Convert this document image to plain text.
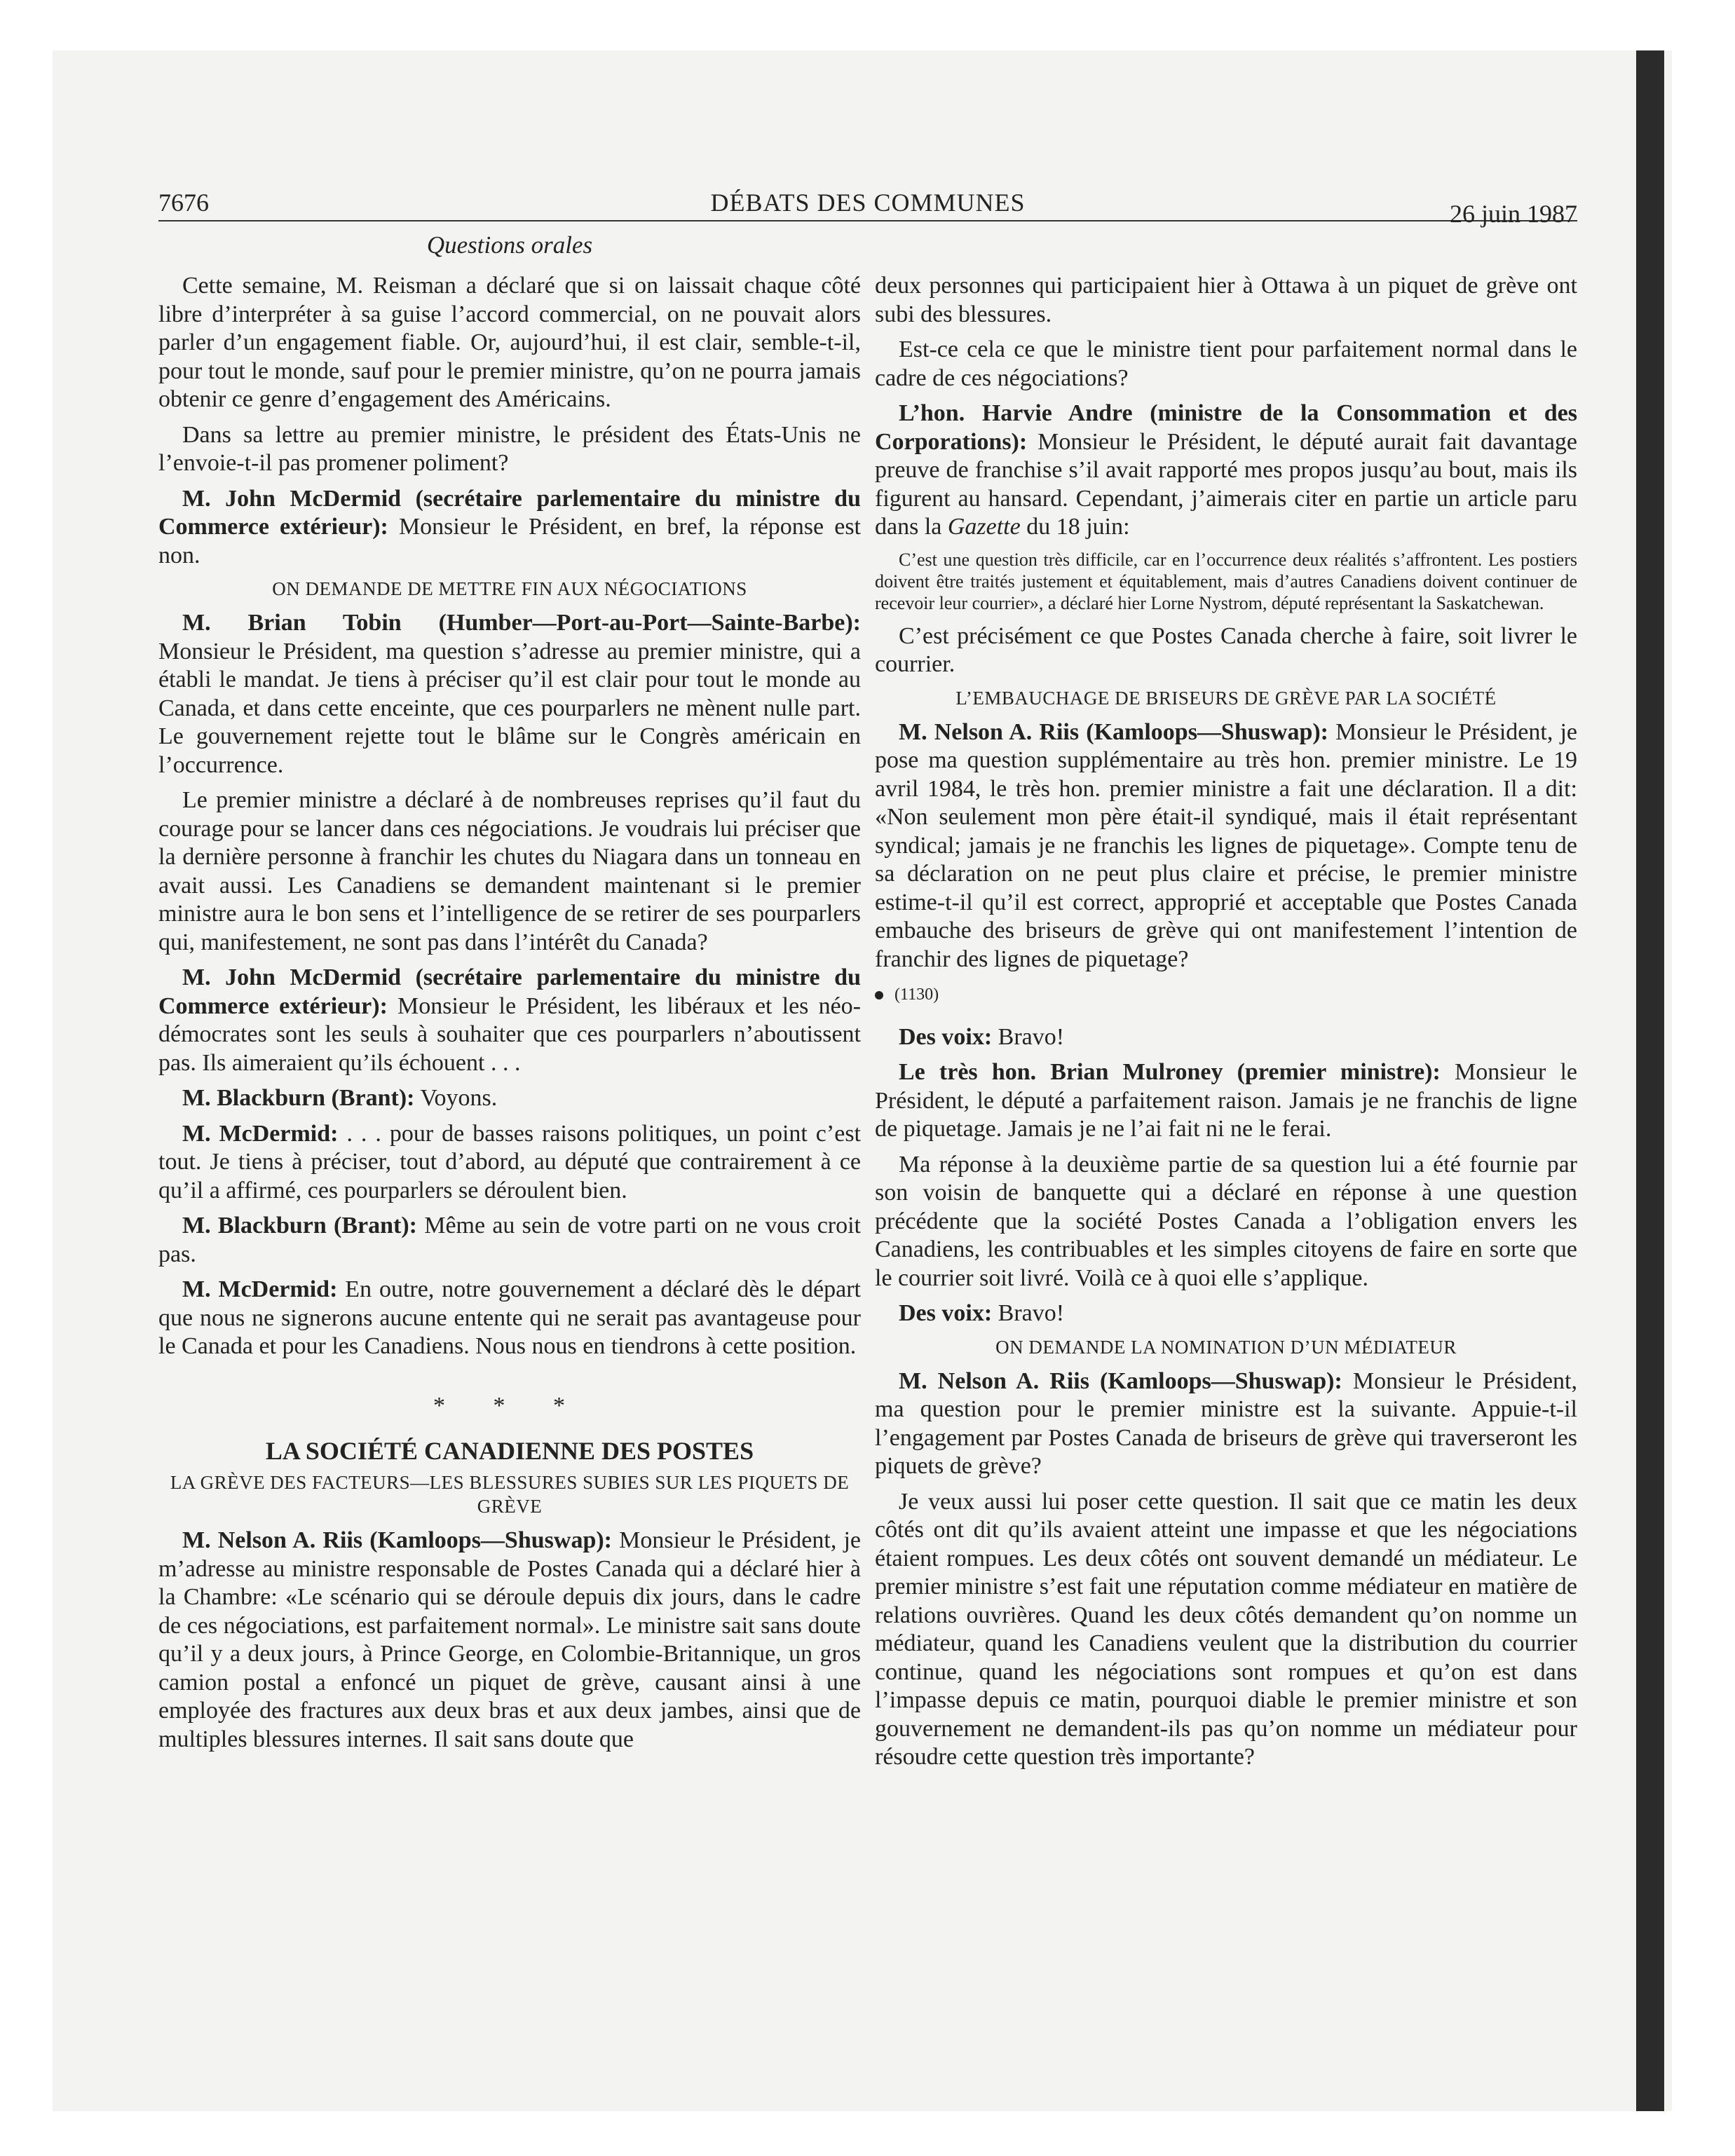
7676	DÉBATS DES COMMUNES	26 juin 1987
Questions orales

Cette semaine, M. Reisman a déclaré que si on laissait chaque côté libre d’interpréter à sa guise l’accord commercial, on ne pouvait alors parler d’un engagement fiable. Or, aujourd’hui, il est clair, semble-t-il, pour tout le monde, sauf pour le premier ministre, qu’on ne pourra jamais obtenir ce genre d’engagement des Américains.

Dans sa lettre au premier ministre, le président des États-Unis ne l’envoie-t-il pas promener poliment?

M. John McDermid (secrétaire parlementaire du ministre du Commerce extérieur): Monsieur le Président, en bref, la réponse est non.

ON DEMANDE DE METTRE FIN AUX NÉGOCIATIONS

M. Brian Tobin (Humber—Port-au-Port—Sainte-Barbe): Monsieur le Président, ma question s’adresse au premier ministre, qui a établi le mandat. Je tiens à préciser qu’il est clair pour tout le monde au Canada, et dans cette enceinte, que ces pourparlers ne mènent nulle part. Le gouvernement rejette tout le blâme sur le Congrès américain en l’occurrence.

Le premier ministre a déclaré à de nombreuses reprises qu’il faut du courage pour se lancer dans ces négociations. Je voudrais lui préciser que la dernière personne à franchir les chutes du Niagara dans un tonneau en avait aussi. Les Canadiens se demandent maintenant si le premier ministre aura le bon sens et l’intelligence de se retirer de ses pourparlers qui, manifestement, ne sont pas dans l’intérêt du Canada?

M. John McDermid (secrétaire parlementaire du ministre du Commerce extérieur): Monsieur le Président, les libéraux et les néo-démocrates sont les seuls à souhaiter que ces pourparlers n’aboutissent pas. Ils aimeraient qu’ils échouent . . .

M. Blackburn (Brant): Voyons.

M. McDermid: . . . pour de basses raisons politiques, un point c’est tout. Je tiens à préciser, tout d’abord, au député que contrairement à ce qu’il a affirmé, ces pourparlers se déroulent bien.

M. Blackburn (Brant): Même au sein de votre parti on ne vous croit pas.

M. McDermid: En outre, notre gouvernement a déclaré dès le départ que nous ne signerons aucune entente qui ne serait pas avantageuse pour le Canada et pour les Canadiens. Nous nous en tiendrons à cette position.

* * *
LA SOCIÉTÉ CANADIENNE DES POSTES
LA GRÈVE DES FACTEURS—LES BLESSURES SUBIES SUR LES PIQUETS DE GRÈVE

M. Nelson A. Riis (Kamloops—Shuswap): Monsieur le Président, je m’adresse au ministre responsable de Postes Canada qui a déclaré hier à la Chambre: «Le scénario qui se déroule depuis dix jours, dans le cadre de ces négociations, est parfaitement normal». Le ministre sait sans doute qu’il y a deux jours, à Prince George, en Colombie-Britannique, un gros camion postal a enfoncé un piquet de grève, causant ainsi à une employée des fractures aux deux bras et aux deux jambes, ainsi que de multiples blessures internes. Il sait sans doute que

deux personnes qui participaient hier à Ottawa à un piquet de grève ont subi des blessures.

Est-ce cela ce que le ministre tient pour parfaitement normal dans le cadre de ces négociations?

L’hon. Harvie Andre (ministre de la Consommation et des Corporations): Monsieur le Président, le député aurait fait davantage preuve de franchise s’il avait rapporté mes propos jusqu’au bout, mais ils figurent au hansard. Cependant, j’aimerais citer en partie un article paru dans la Gazette du 18 juin:

C’est une question très difficile, car en l’occurrence deux réalités s’affrontent. Les postiers doivent être traités justement et équitablement, mais d’autres Canadiens doivent continuer de recevoir leur courrier», a déclaré hier Lorne Nystrom, député représentant la Saskatchewan.

C’est précisément ce que Postes Canada cherche à faire, soit livrer le courrier.

L’EMBAUCHAGE DE BRISEURS DE GRÈVE PAR LA SOCIÉTÉ

M. Nelson A. Riis (Kamloops—Shuswap): Monsieur le Président, je pose ma question supplémentaire au très hon. premier ministre. Le 19 avril 1984, le très hon. premier ministre a fait une déclaration. Il a dit: «Non seulement mon père était-il syndiqué, mais il était représentant syndical; jamais je ne franchis les lignes de piquetage». Compte tenu de sa déclaration on ne peut plus claire et précise, le premier ministre estime-t-il qu’il est correct, approprié et acceptable que Postes Canada embauche des briseurs de grève qui ont manifestement l’intention de franchir des lignes de piquetage?

(1130)

Des voix: Bravo!

Le très hon. Brian Mulroney (premier ministre): Monsieur le Président, le député a parfaitement raison. Jamais je ne franchis de ligne de piquetage. Jamais je ne l’ai fait ni ne le ferai.

Ma réponse à la deuxième partie de sa question lui a été fournie par son voisin de banquette qui a déclaré en réponse à une question précédente que la société Postes Canada a l’obligation envers les Canadiens, les contribuables et les simples citoyens de faire en sorte que le courrier soit livré. Voilà ce à quoi elle s’applique.

Des voix: Bravo!

ON DEMANDE LA NOMINATION D’UN MÉDIATEUR

M. Nelson A. Riis (Kamloops—Shuswap): Monsieur le Président, ma question pour le premier ministre est la suivante. Appuie-t-il l’engagement par Postes Canada de briseurs de grève qui traverseront les piquets de grève?

Je veux aussi lui poser cette question. Il sait que ce matin les deux côtés ont dit qu’ils avaient atteint une impasse et que les négociations étaient rompues. Les deux côtés ont souvent demandé un médiateur. Le premier ministre s’est fait une réputation comme médiateur en matière de relations ouvrières. Quand les deux côtés demandent qu’on nomme un médiateur, quand les Canadiens veulent que la distribution du courrier continue, quand les négociations sont rompues et qu’on est dans l’impasse depuis ce matin, pourquoi diable le premier ministre et son gouvernement ne demandent-ils pas qu’on nomme un médiateur pour résoudre cette question très importante?
